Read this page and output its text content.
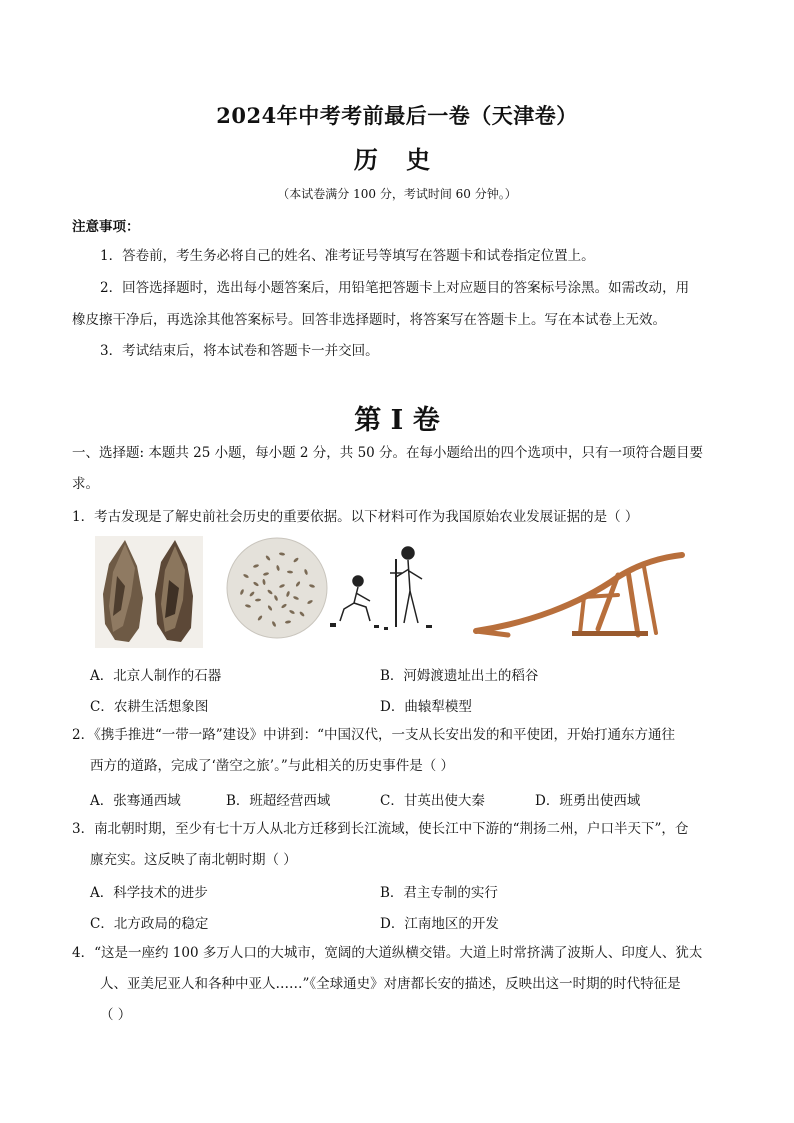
2024年中考考前最后一卷（天津卷）
历 史
（本试卷满分 100 分，考试时间 60 分钟。）
注意事项：
1．答卷前，考生务必将自己的姓名、准考证号等填写在答题卡和试卷指定位置上。
2．回答选择题时，选出每小题答案后，用铅笔把答题卡上对应题目的答案标号涂黑。如需改动，用
橡皮擦干净后，再选涂其他答案标号。回答非选择题时，将答案写在答题卡上。写在本试卷上无效。
3．考试结束后，将本试卷和答题卡一并交回。
第 I 卷
一、选择题: 本题共 25 小题，每小题 2 分，共 50 分。在每小题给出的四个选项中，只有一项符合题目要
求。
1．考古发现是了解史前社会历史的重要依据。以下材料可作为我国原始农业发展证据的是（ ）
A．北京人制作的石器	B．河姆渡遗址出土的稻谷
C．农耕生活想象图	D．曲辕犁模型
2．《携手推进“一带一路”建设》中讲到：“中国汉代，一支从长安出发的和平使团，开始打通东方通往
西方的道路，完成了‘凿空之旅’。”与此相关的历史事件是（ ）
A．张骞通西域	B．班超经营西域	C．甘英出使大秦	D．班勇出使西域
3．南北朝时期，至少有七十万人从北方迁移到长江流域，使长江中下游的“荆扬二州，户口半天下”，仓
廪充实。这反映了南北朝时期（ ）
A．科学技术的进步	B．君主专制的实行
C．北方政局的稳定	D．江南地区的开发
4．“这是一座约 100 多万人口的大城市，宽阔的大道纵横交错。大道上时常挤满了波斯人、印度人、犹太
人、亚美尼亚人和各种中亚人……”《全球通史》对唐都长安的描述，反映出这一时期的时代特征是
（ ）
